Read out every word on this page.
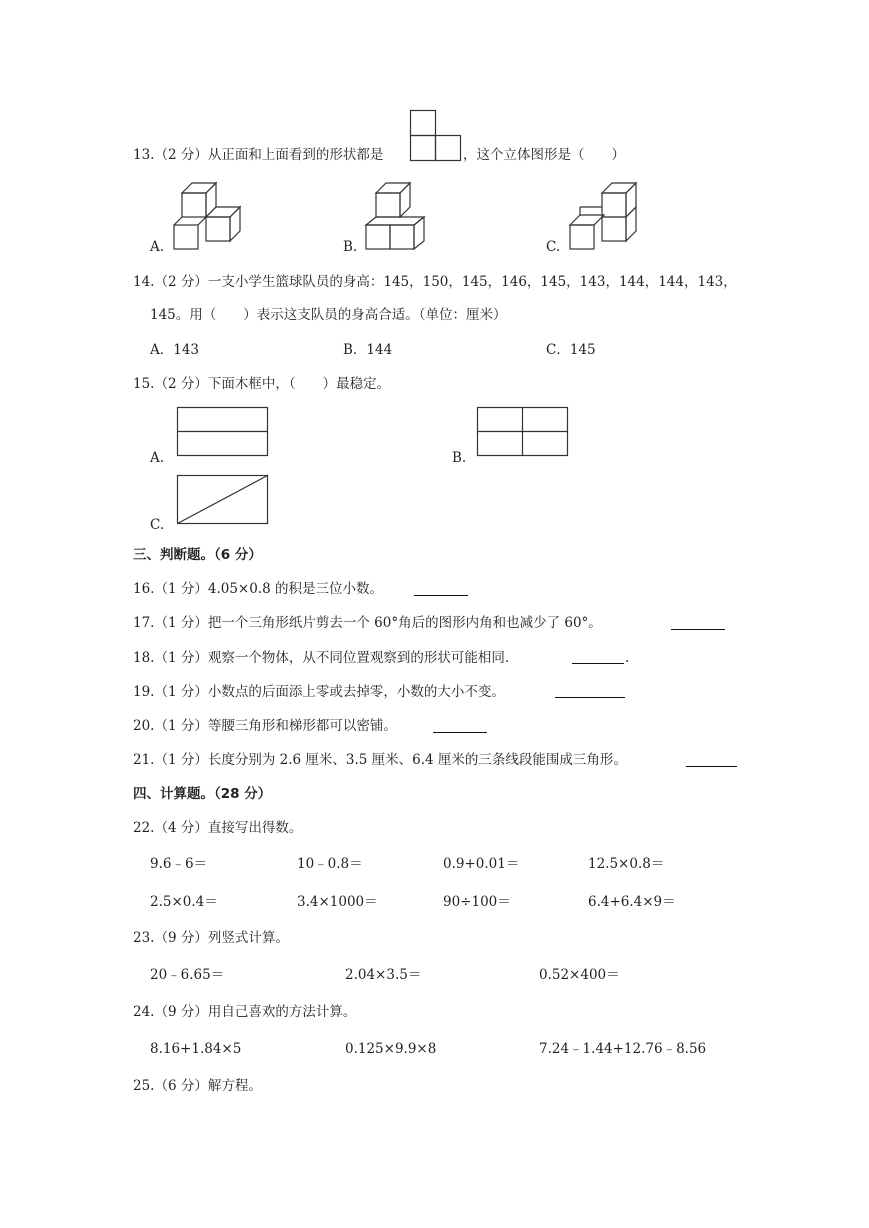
13.（2 分）从正面和上面看到的形状都是	，这个立体图形是（　　）
A.	B.	C.
14.（2 分）一支小学生篮球队员的身高：145，150，145，146，145，143，144，144，143，
145。用（　　）表示这支队员的身高合适。（单位：厘米）
A．143	B．144	C．145
15.（2 分）下面木框中，（　　）最稳定。
A.	B.
C.
三、判断题。（6 分）
16.（1 分）4.05×0.8 的积是三位小数。
17.（1 分）把一个三角形纸片剪去一个 60°角后的图形内角和也减少了 60°。
18.（1 分）观察一个物体，从不同位置观察到的形状可能相同．	.
19.（1 分）小数点的后面添上零或去掉零，小数的大小不变。
20.（1 分）等腰三角形和梯形都可以密铺。
21.（1 分）长度分别为 2.6 厘米、3.5 厘米、6.4 厘米的三条线段能围成三角形。
四、计算题。（28 分）
22.（4 分）直接写出得数。
9.6﹣6＝	10﹣0.8＝	0.9+0.01＝	12.5×0.8＝
2.5×0.4＝	3.4×1000＝	90÷100＝	6.4+6.4×9＝
23.（9 分）列竖式计算。
20﹣6.65＝	2.04×3.5＝	0.52×400＝
24.（9 分）用自己喜欢的方法计算。
8.16+1.84×5	0.125×9.9×8	7.24﹣1.44+12.76﹣8.56
25.（6 分）解方程。
